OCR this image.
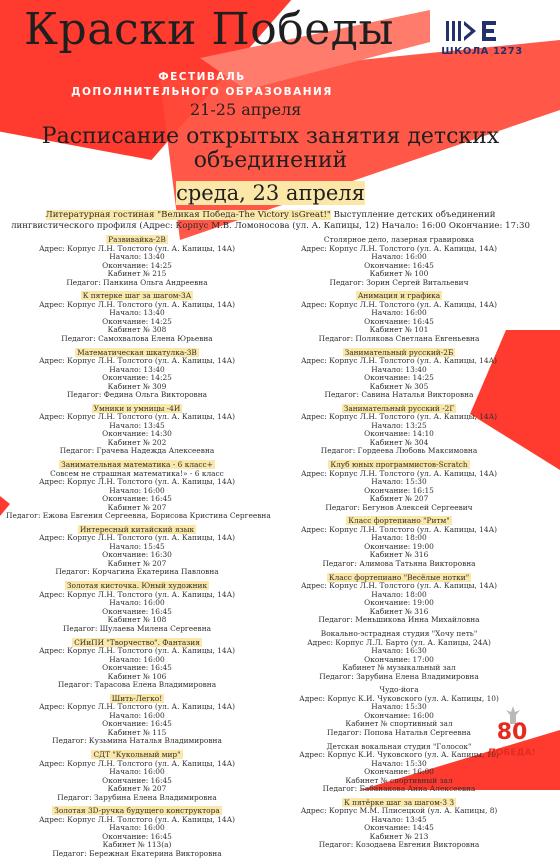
Краски Победы
ФЕСТИВАЛЬ
ДОПОЛНИТЕЛЬНОГО ОБРАЗОВАНИЯ
21-25 апреля
ШКОЛА 1273
Расписание открытых занятия детских
объединений
среда, 23 апреля
Литературная гостиная "Великая Победа-The Victory isGreat!" Выступление детских объединений лингвистического профиля (Адрес: Корпус М.В. Ломоносова (ул. А. Капицы, 12) Начало: 16:00 Окончание: 17:30
Развивайка-2В
Адрес: Корпус Л.Н. Толстого (ул. А. Капицы, 14А)
Начало: 13:40
Окончание: 14:25
Кабинет № 215
Педагог: Панкина Ольга Андреевна
К пятерке шаг за шагом-3А
Адрес: Корпус Л.Н. Толстого (ул. А. Капицы, 14А)
Начало: 13:40
Окончание: 14:25
Кабинет № 308
Педагог: Самохвалова Елена Юрьевна
Математическая шкатулка-3В
Адрес: Корпус Л.Н. Толстого (ул. А. Капицы, 14А)
Начало: 13:40
Окончание: 14:25
Кабинет № 309
Педагог: Федина Ольга Викторовна
Умники и умницы -4И
Адрес: Корпус Л.Н. Толстого (ул. А. Капицы, 14А)
Начало: 13:45
Окончание: 14:30
Кабинет № 202
Педагог: Грачева Надежда Алексеевна
Занимательная математика - 6 класс+
Совсем не страшная математика!» - 6 класс
Адрес: Корпус Л.Н. Толстого (ул. А. Капицы, 14А)
Начало: 16:00
Окончание: 16:45
Кабинет № 207
Педагог: Ежова Евгения Сергеевна, Борисова Кристина Сергеевна
Интересный китайский язык
Адрес: Корпус Л.Н. Толстого (ул. А. Капицы, 14А)
Начало: 15:45
Окончание: 16:30
Кабинет № 207
Педагог: Корчагина Екатерина Павловна
Золотая кисточка. Юный художник
Адрес: Корпус Л.Н. Толстого (ул. А. Капицы, 14А)
Начало: 16:00
Окончание: 16:45
Кабинет № 108
Педагог: Шулаева Милена Сергеевна
СИиПИ "Творчество". Фантазия
Адрес: Корпус Л.Н. Толстого (ул. А. Капицы, 14А)
Начало: 16:00
Окончание: 16:45
Кабинет № 106
Педагог: Тарасова Елена Владимировна
Шить-Легко!
Адрес: Корпус Л.Н. Толстого (ул. А. Капицы, 14А)
Начало: 16:00
Окончание: 16:45
Кабинет № 115
Педагог: Кузьмина Наталья Владимировна
СДТ "Кукольный мир"
Адрес: Корпус Л.Н. Толстого (ул. А. Капицы, 14А)
Начало: 16:00
Окончание: 16:45
Кабинет № 207
Педагог: Зарубина Елена Владимировна
Золотая 3D-ручка будущего конструктора
Адрес: Корпус Л.Н. Толстого (ул. А. Капицы, 14А)
Начало: 16:00
Окончание: 16:45
Кабинет № 113(а)
Педагог: Бережная Екатерина Викторовна
Столярное дело, лазерная гравировка
Адрес: Корпус Л.Н. Толстого (ул. А. Капицы, 14А)
Начало: 16:00
Окончание: 16:45
Кабинет № 100
Педагог: Зорин Сергей Витальевич
Анимация и графика
Адрес: Корпус Л.Н. Толстого (ул. А. Капицы, 14А)
Начало: 16:00
Окончание: 16:45
Кабинет № 101
Педагог: Полякова Светлана Евгеньевна
Занимательный русский-2Б
Адрес: Корпус Л.Н. Толстого (ул. А. Капицы, 14А)
Начало: 13:40
Окончание: 14:25
Кабинет № 305
Педагог: Савина Наталья Викторовна
Занимательный русский -2Г
Адрес: Корпус Л.Н. Толстого (ул. А. Капицы, 14А)
Начало: 13:25
Окончание: 14:10
Кабинет № 304
Педагог: Гордеева Любовь Максимовна
Клуб юных программистов-Scratch
Адрес: Корпус Л.Н. Толстого (ул. А. Капицы, 14А)
Начало: 15:30
Окончание: 16:15
Кабинет № 207
Педагог: Бегунов Алексей Сергеевич
Класс фортепиано "Ритм"
Адрес: Корпус Л.Н. Толстого (ул. А. Капицы, 14А)
Начало: 18:00
Окончание: 19:00
Кабинет № 316
Педагог: Алимова Татьяна Викторовна
Класс фортепиано "Весёлые нотки"
Адрес: Корпус Л.Н. Толстого (ул. А. Капицы, 14А)
Начало: 18:00
Окончание: 19:00
Кабинет № 316
Педагог: Меньшикова Инна Михайловна
Вокально-эстрадная студия "Хочу петь"
Адрес: Корпус Л.Л. Барто (ул. А. Капицы, 24А)
Начало: 16:30
Окончание: 17:00
Кабинет № музыкальный зал
Педагог: Зарубина Елена Владимировна
Чудо-йога
Адрес: Корпус К.И. Чуковского (ул. А. Капицы, 10)
Начало: 15:30
Окончание: 16:00
Кабинет № спортивный зал
Педагог: Попова Наталья Сергеевна
Детская вокальная студия "Голосок"
Адрес: Корпус К.И. Чуковского (ул. А. Капицы, 10)
Начало: 15:30
Окончание: 16:00
Кабинет № спортивный зал
Педагог: Бабанакова Анна Алексеевна
К пятёрке шаг за шагом-3 З
Адрес: Корпус М.М. Плисецкой (ул. А. Капицы, 8)
Начало: 13:45
Окончание: 14:45
Кабинет № 213
Педагог: Козодаева Евгения Викторовна
80
ПОБЕДА!
